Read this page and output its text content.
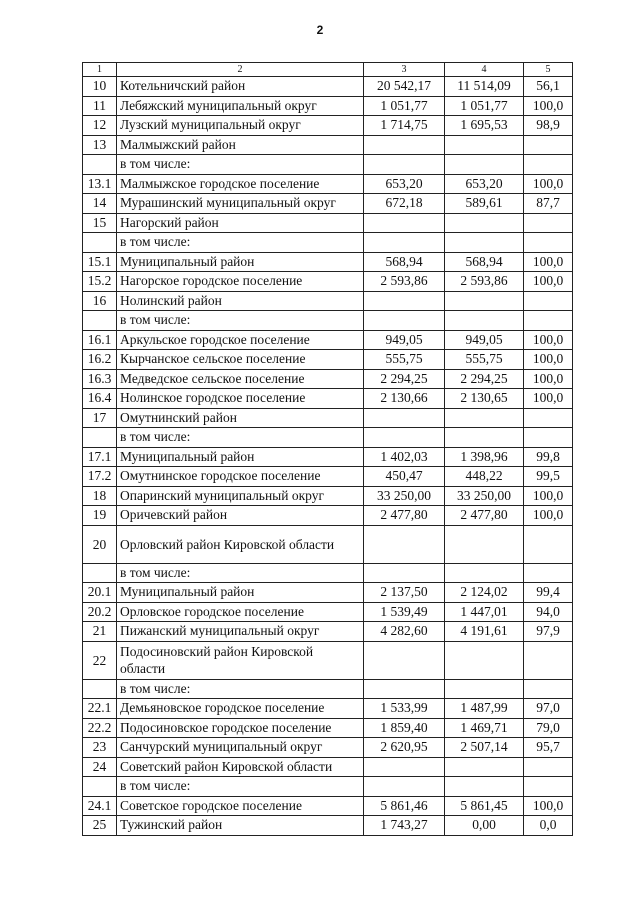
2
1	2	3	4	5
10	Котельничский район	20 542,17	11 514,09	56,1
11	Лебяжский муниципальный округ	1 051,77	1 051,77	100,0
12	Лузский муниципальный округ	1 714,75	1 695,53	98,9
13	Малмыжский район			
	в том числе:			
13.1	Малмыжское городское поселение	653,20	653,20	100,0
14	Мурашинский муниципальный округ	672,18	589,61	87,7
15	Нагорский район			
	в том числе:			
15.1	Муниципальный район	568,94	568,94	100,0
15.2	Нагорское городское поселение	2 593,86	2 593,86	100,0
16	Нолинский район			
	в том числе:			
16.1	Аркульское городское поселение	949,05	949,05	100,0
16.2	Кырчанское сельское поселение	555,75	555,75	100,0
16.3	Медведское сельское поселение	2 294,25	2 294,25	100,0
16.4	Нолинское городское поселение	2 130,66	2 130,65	100,0
17	Омутнинский район			
	в том числе:			
17.1	Муниципальный район	1 402,03	1 398,96	99,8
17.2	Омутнинское городское поселение	450,47	448,22	99,5
18	Опаринский муниципальный округ	33 250,00	33 250,00	100,0
19	Оричевский район	2 477,80	2 477,80	100,0
20	Орловский район Кировской области			
	в том числе:			
20.1	Муниципальный район	2 137,50	2 124,02	99,4
20.2	Орловское городское поселение	1 539,49	1 447,01	94,0
21	Пижанский муниципальный округ	4 282,60	4 191,61	97,9
22	Подосиновский район Кировской области			
	в том числе:			
22.1	Демьяновское городское поселение	1 533,99	1 487,99	97,0
22.2	Подосиновское городское поселение	1 859,40	1 469,71	79,0
23	Санчурский муниципальный округ	2 620,95	2 507,14	95,7
24	Советский район Кировской области			
	в том числе:			
24.1	Советское городское поселение	5 861,46	5 861,45	100,0
25	Тужинский район	1 743,27	0,00	0,0
